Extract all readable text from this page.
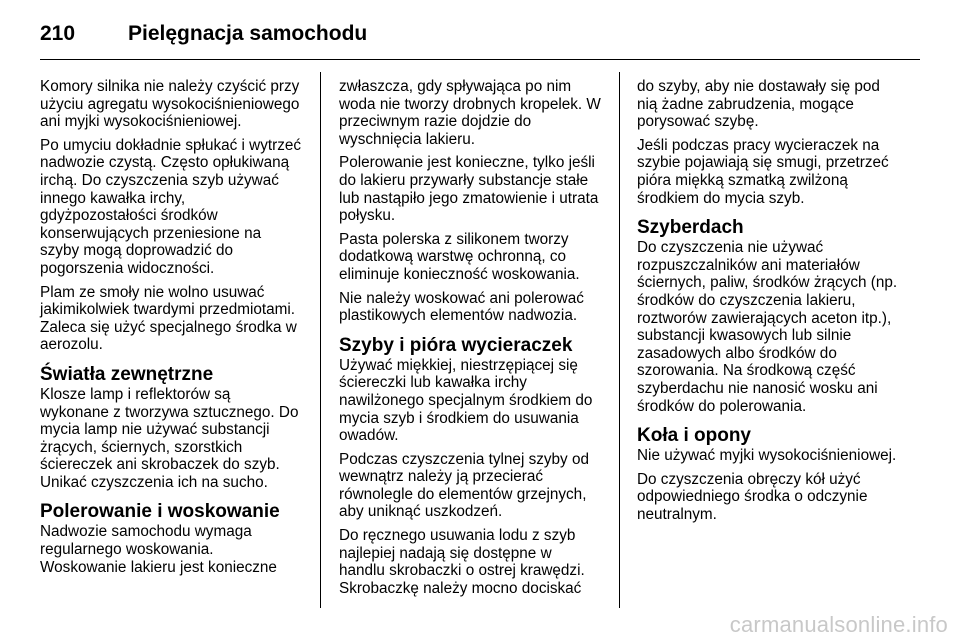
210	Pielęgnacja samochodu

Komory silnika nie należy czyścić przy użyciu agregatu wysokociśnieniowego ani myjki wysokociśnieniowej.

Po umyciu dokładnie spłukać i wytrzeć nadwozie czystą. Często opłukiwaną irchą. Do czyszczenia szyb używać innego kawałka irchy, gdyżpozostałości środków konserwujących przeniesione na szyby mogą doprowadzić do pogorszenia widoczności.

Plam ze smoły nie wolno usuwać jakimikolwiek twardymi przedmiotami. Zaleca się użyć specjalnego środka w aerozolu.

Światła zewnętrzne

Klosze lamp i reflektorów są wykonane z tworzywa sztucznego. Do mycia lamp nie używać substancji żrących, ściernych, szorstkich ściereczek ani skrobaczek do szyb. Unikać czyszczenia ich na sucho.

Polerowanie i woskowanie

Nadwozie samochodu wymaga regularnego woskowania. Woskowanie lakieru jest konieczne

zwłaszcza, gdy spływająca po nim woda nie tworzy drobnych kropelek. W przeciwnym razie dojdzie do wyschnięcia lakieru.

Polerowanie jest konieczne, tylko jeśli do lakieru przywarły substancje stałe lub nastąpiło jego zmatowienie i utrata połysku.

Pasta polerska z silikonem tworzy dodatkową warstwę ochronną, co eliminuje konieczność woskowania.

Nie należy woskować ani polerować plastikowych elementów nadwozia.

Szyby i pióra wycieraczek

Używać miękkiej, niestrzępiącej się ściereczki lub kawałka irchy nawilżonego specjalnym środkiem do mycia szyb i środkiem do usuwania owadów.

Podczas czyszczenia tylnej szyby od wewnątrz należy ją przecierać równolegle do elementów grzejnych, aby uniknąć uszkodzeń.

Do ręcznego usuwania lodu z szyb najlepiej nadają się dostępne w handlu skrobaczki o ostrej krawędzi. Skrobaczkę należy mocno dociskać

do szyby, aby nie dostawały się pod nią żadne zabrudzenia, mogące porysować szybę.

Jeśli podczas pracy wycieraczek na szybie pojawiają się smugi, przetrzeć pióra miękką szmatką zwilżoną środkiem do mycia szyb.

Szyberdach

Do czyszczenia nie używać rozpuszczalników ani materiałów ściernych, paliw, środków żrących (np. środków do czyszczenia lakieru, roztworów zawierających aceton itp.), substancji kwasowych lub silnie zasadowych albo środków do szorowania. Na środkową część szyberdachu nie nanosić wosku ani środków do polerowania.

Koła i opony

Nie używać myjki wysokociśnieniowej.

Do czyszczenia obręczy kół użyć odpowiedniego środka o odczynie neutralnym.

carmanualsonline.info
